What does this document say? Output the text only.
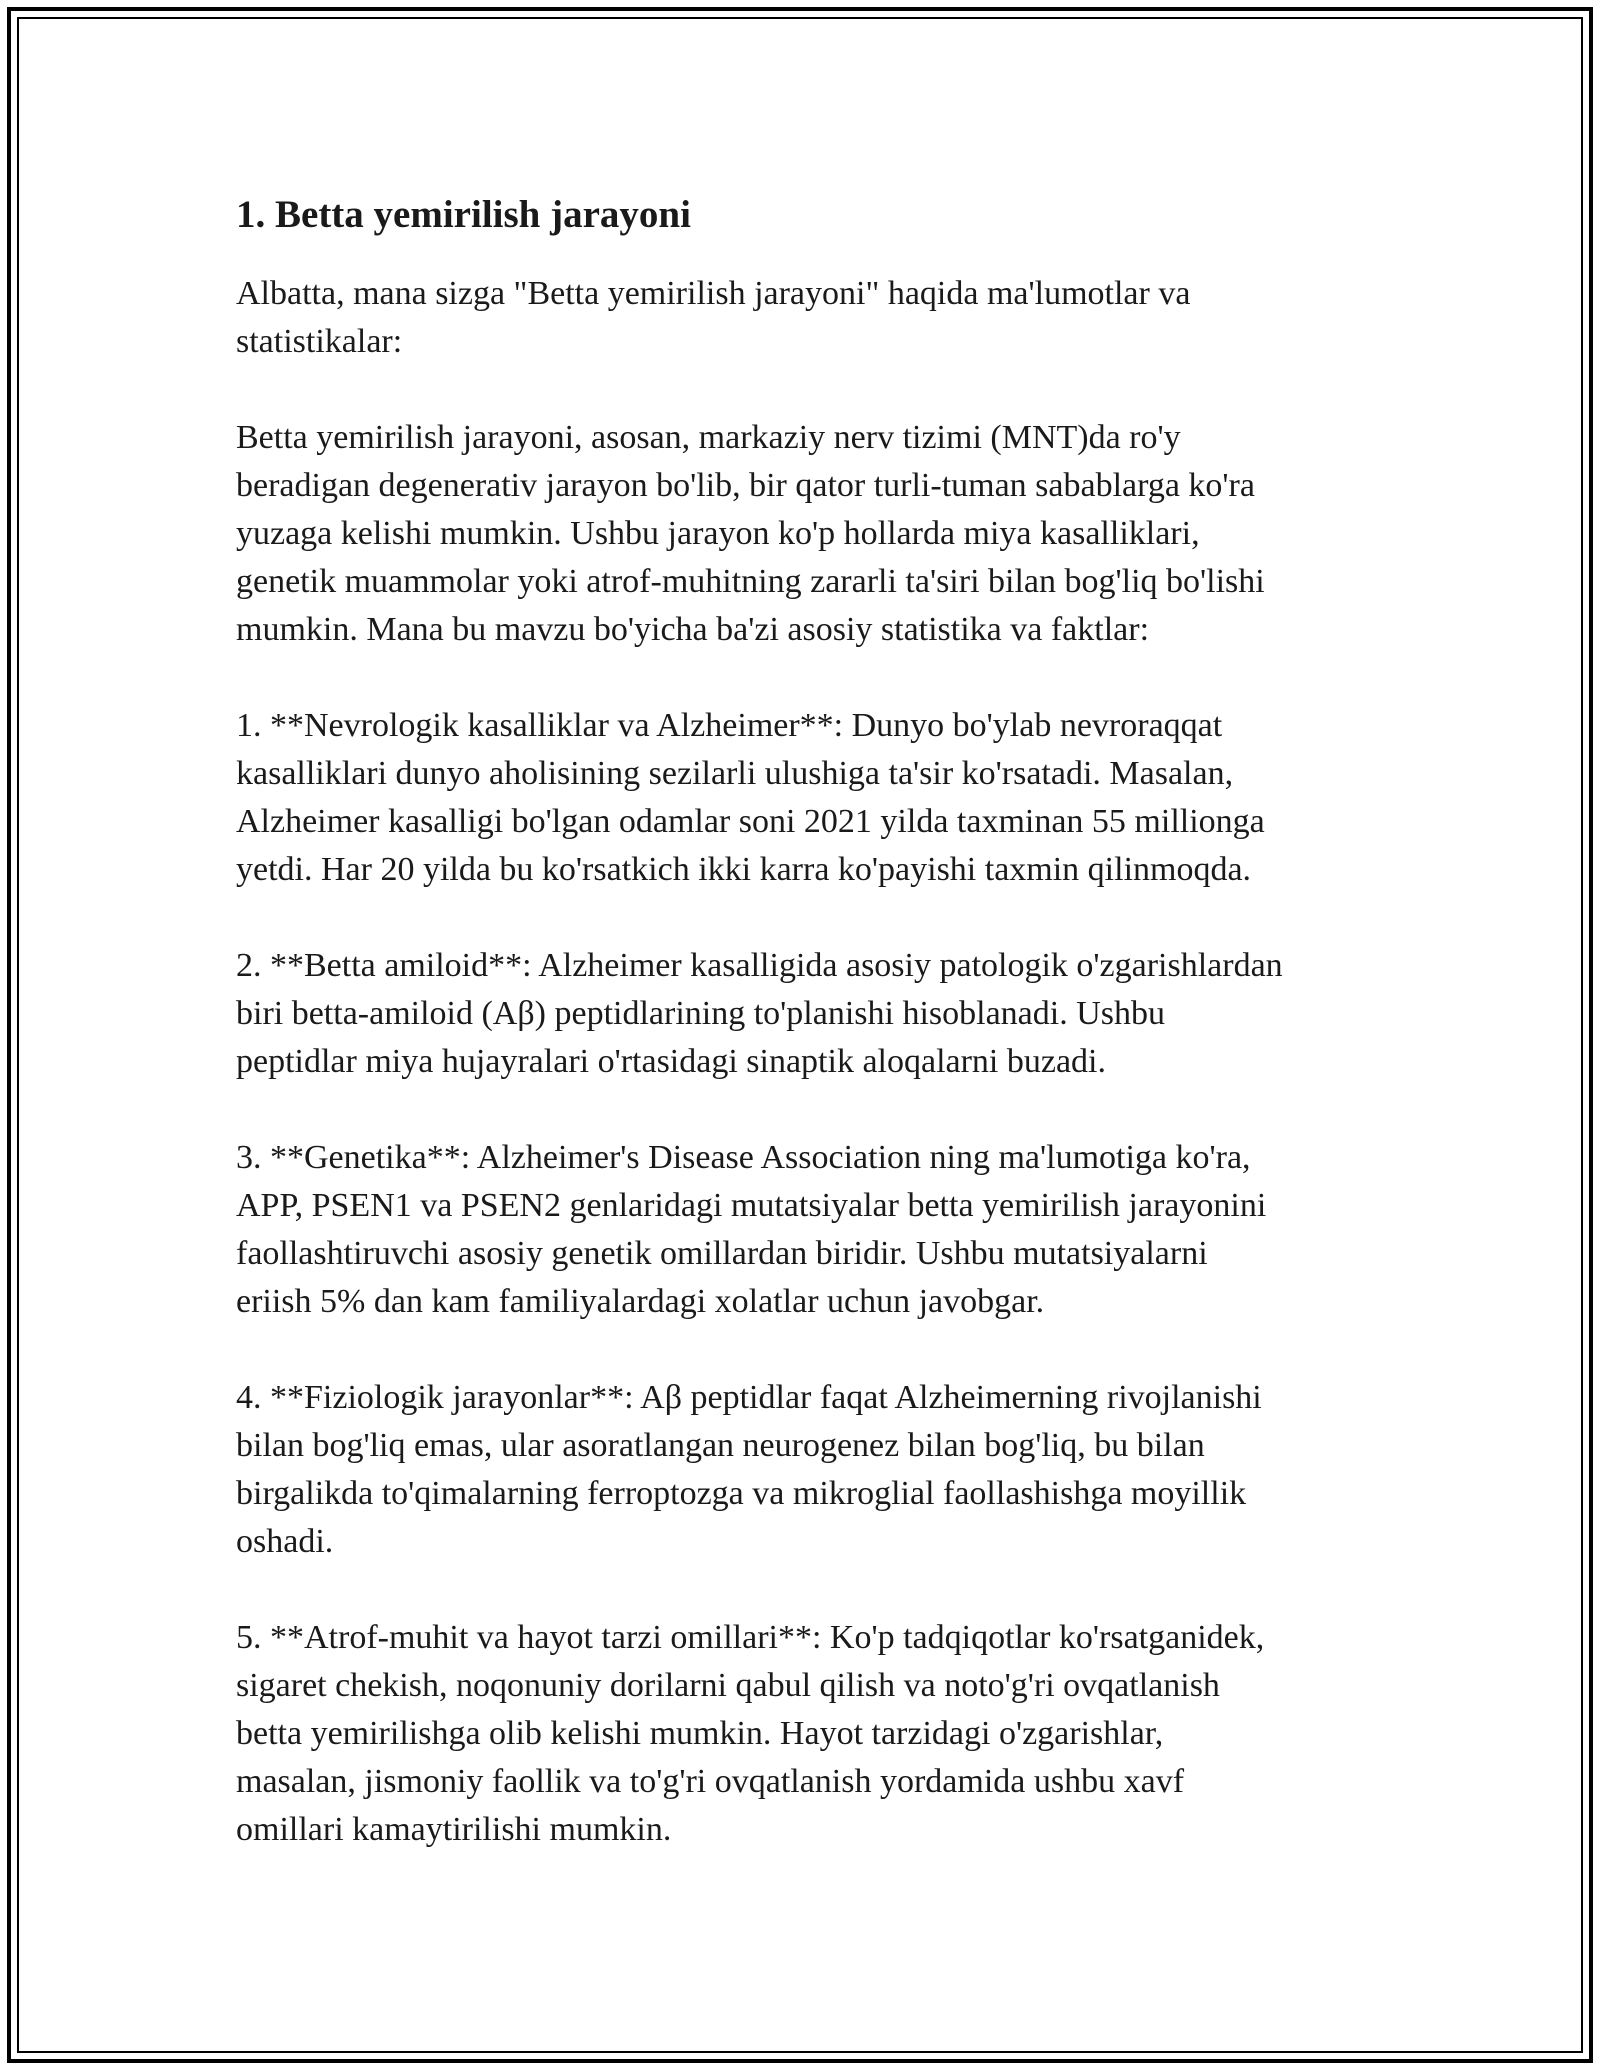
1. Betta yemirilish jarayoni

Albatta, mana sizga "Betta yemirilish jarayoni" haqida ma'lumotlar va
statistikalar:

Betta yemirilish jarayoni, asosan, markaziy nerv tizimi (MNT)da ro'y
beradigan degenerativ jarayon bo'lib, bir qator turli-tuman sabablarga ko'ra
yuzaga kelishi mumkin. Ushbu jarayon ko'p hollarda miya kasalliklari,
genetik muammolar yoki atrof-muhitning zararli ta'siri bilan bog'liq bo'lishi
mumkin. Mana bu mavzu bo'yicha ba'zi asosiy statistika va faktlar:

1. **Nevrologik kasalliklar va Alzheimer**: Dunyo bo'ylab nevroraqqat
kasalliklari dunyo aholisining sezilarli ulushiga ta'sir ko'rsatadi. Masalan,
Alzheimer kasalligi bo'lgan odamlar soni 2021 yilda taxminan 55 millionga
yetdi. Har 20 yilda bu ko'rsatkich ikki karra ko'payishi taxmin qilinmoqda.

2. **Betta amiloid**: Alzheimer kasalligida asosiy patologik o'zgarishlardan
biri betta-amiloid (Aβ) peptidlarining to'planishi hisoblanadi. Ushbu
peptidlar miya hujayralari o'rtasidagi sinaptik aloqalarni buzadi.

3. **Genetika**: Alzheimer's Disease Association ning ma'lumotiga ko'ra,
APP, PSEN1 va PSEN2 genlaridagi mutatsiyalar betta yemirilish jarayonini
faollashtiruvchi asosiy genetik omillardan biridir. Ushbu mutatsiyalarni
eriish 5% dan kam familiyalardagi xolatlar uchun javobgar.

4. **Fiziologik jarayonlar**: Aβ peptidlar faqat Alzheimerning rivojlanishi
bilan bog'liq emas, ular asoratlangan neurogenez bilan bog'liq, bu bilan
birgalikda to'qimalarning ferroptozga va mikroglial faollashishga moyillik
oshadi.

5. **Atrof-muhit va hayot tarzi omillari**: Ko'p tadqiqotlar ko'rsatganidek,
sigaret chekish, noqonuniy dorilarni qabul qilish va noto'g'ri ovqatlanish
betta yemirilishga olib kelishi mumkin. Hayot tarzidagi o'zgarishlar,
masalan, jismoniy faollik va to'g'ri ovqatlanish yordamida ushbu xavf
omillari kamaytirilishi mumkin.
